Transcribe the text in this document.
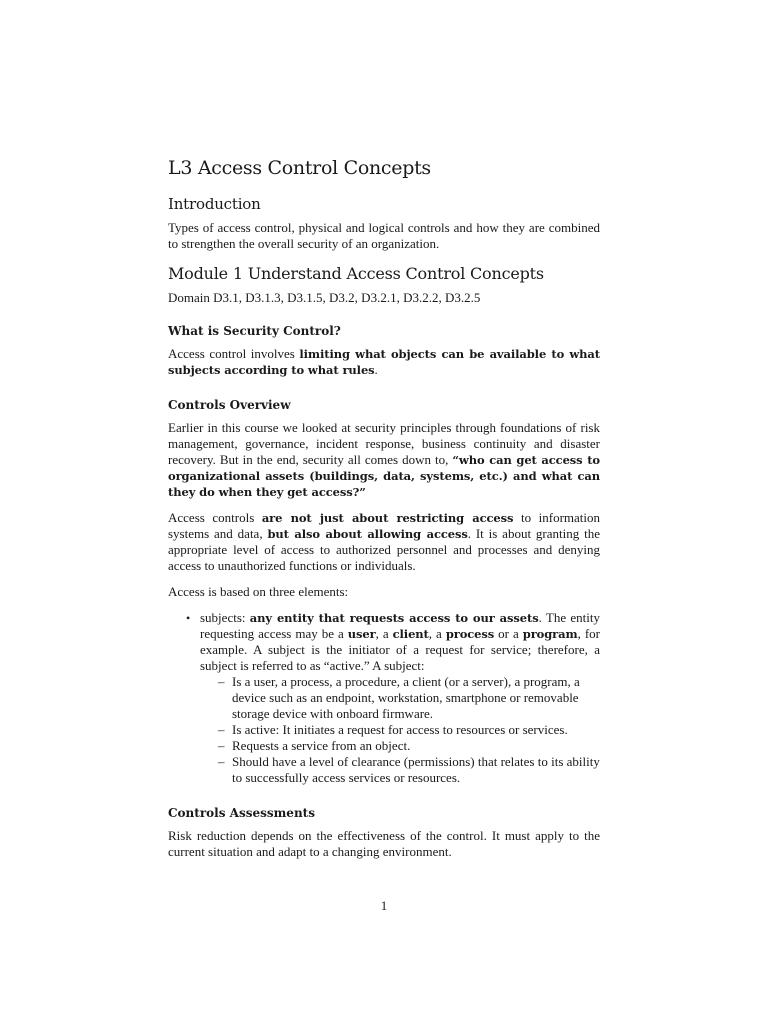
L3 Access Control Concepts
Introduction

Types of access control, physical and logical controls and how they are combined to strengthen the overall security of an organization.

Module 1 Understand Access Control Concepts

Domain D3.1, D3.1.3, D3.1.5, D3.2, D3.2.1, D3.2.2, D3.2.5

What is Security Control?

Access control involves limiting what objects can be available to what subjects according to what rules.

Controls Overview

Earlier in this course we looked at security principles through foundations of risk management, governance, incident response, business continuity and disaster recovery. But in the end, security all comes down to, “who can get access to organizational assets (buildings, data, systems, etc.) and what can they do when they get access?”

Access controls are not just about restricting access to information systems and data, but also about allowing access. It is about granting the appropriate level of access to authorized personnel and processes and denying access to unauthorized functions or individuals.

Access is based on three elements:

• subjects: any entity that requests access to our assets. The entity requesting access may be a user, a client, a process or a program, for example. A subject is the initiator of a request for service; therefore, a subject is referred to as “active.” A subject:
– Is a user, a process, a procedure, a client (or a server), a program, a device such as an endpoint, workstation, smartphone or removable storage device with onboard firmware.
– Is active: It initiates a request for access to resources or services.
– Requests a service from an object.
– Should have a level of clearance (permissions) that relates to its ability to successfully access services or resources.
Controls Assessments

Risk reduction depends on the effectiveness of the control. It must apply to the current situation and adapt to a changing environment.

1
